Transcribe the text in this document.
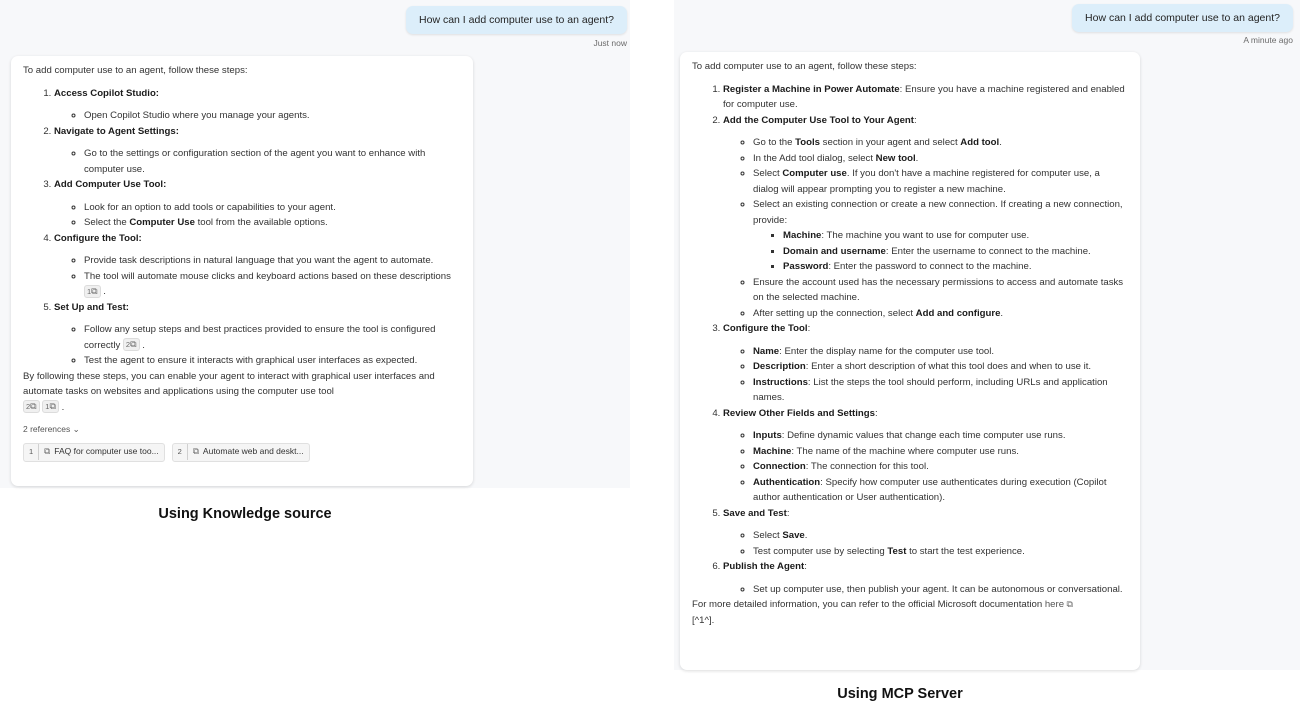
How can I add computer use to an agent?
Just now

To add computer use to an agent, follow these steps:

1. Access Copilot Studio:
◦ Open Copilot Studio where you manage your agents.
2. Navigate to Agent Settings:
◦ Go to the settings or configuration section of the agent you want to enhance with computer use.
3. Add Computer Use Tool:
◦ Look for an option to add tools or capabilities to your agent.
◦ Select the Computer Use tool from the available options.
4. Configure the Tool:
◦ Provide task descriptions in natural language that you want the agent to automate.
◦ The tool will automate mouse clicks and keyboard actions based on these descriptions 1⧉ .
5. Set Up and Test:
◦ Follow any setup steps and best practices provided to ensure the tool is configured correctly 2⧉ .
◦ Test the agent to ensure it interacts with graphical user interfaces as expected.

By following these steps, you can enable your agent to interact with graphical user interfaces and automate tasks on websites and applications using the computer use tool
2⧉ 1⧉ .

2 references ⌄
1	⧉ FAQ for computer use too...	2	⧉ Automate web and deskt...
Using Knowledge source
How can I add computer use to an agent?
A minute ago

To add computer use to an agent, follow these steps:

1. Register a Machine in Power Automate: Ensure you have a machine registered and enabled for computer use.
2. Add the Computer Use Tool to Your Agent:
◦ Go to the Tools section in your agent and select Add tool.
◦ In the Add tool dialog, select New tool.
◦ Select Computer use. If you don't have a machine registered for computer use, a dialog will appear prompting you to register a new machine.
◦ Select an existing connection or create a new connection. If creating a new connection, provide:
▪ Machine: The machine you want to use for computer use.
▪ Domain and username: Enter the username to connect to the machine.
▪ Password: Enter the password to connect to the machine.
◦ Ensure the account used has the necessary permissions to access and automate tasks on the selected machine.
◦ After setting up the connection, select Add and configure.
3. Configure the Tool:
◦ Name: Enter the display name for the computer use tool.
◦ Description: Enter a short description of what this tool does and when to use it.
◦ Instructions: List the steps the tool should perform, including URLs and application names.
4. Review Other Fields and Settings:
◦ Inputs: Define dynamic values that change each time computer use runs.
◦ Machine: The name of the machine where computer use runs.
◦ Connection: The connection for this tool.
◦ Authentication: Specify how computer use authenticates during execution (Copilot author authentication or User authentication).
5. Save and Test:
◦ Select Save.
◦ Test computer use by selecting Test to start the test experience.
6. Publish the Agent:
◦ Set up computer use, then publish your agent. It can be autonomous or conversational.

For more detailed information, you can refer to the official Microsoft documentation here ⧉
[^1^].

Using MCP Server
